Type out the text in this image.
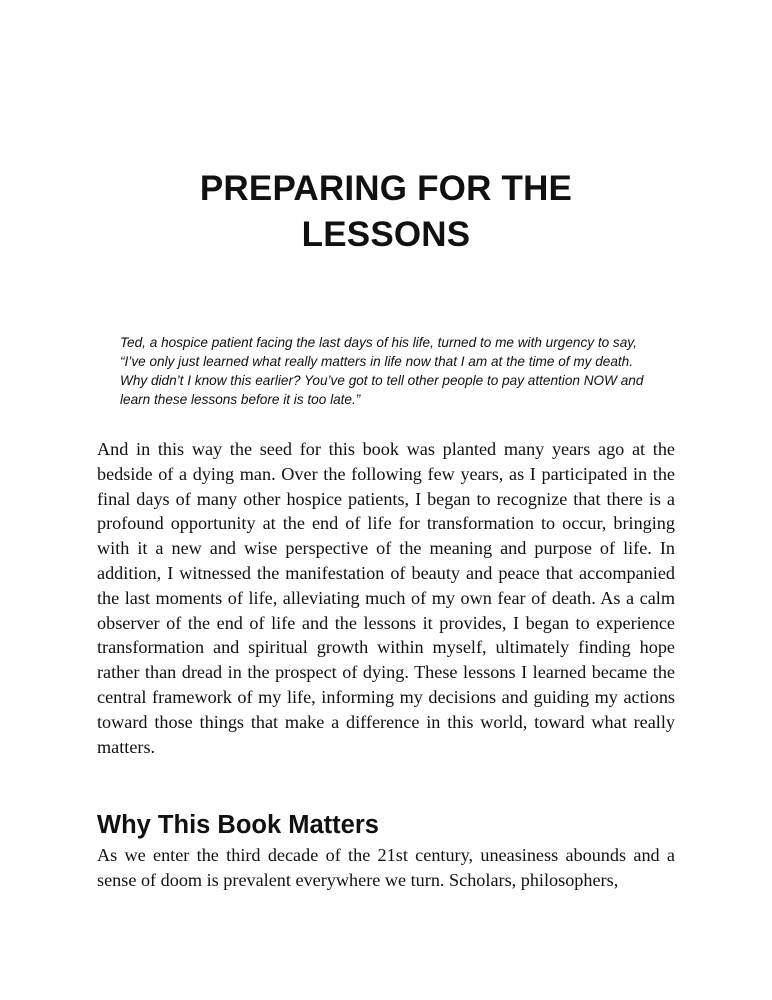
PREPARING FOR THE
LESSONS

Ted, a hospice patient facing the last days of his life, turned to me with urgency to say, “I’ve only just learned what really matters in life now that I am at the time of my death. Why didn’t I know this earlier? You’ve got to tell other people to pay attention NOW and learn these lessons before it is too late.”

And in this way the seed for this book was planted many years ago at the bedside of a dying man. Over the following few years, as I participated in the final days of many other hospice patients, I began to recognize that there is a profound opportunity at the end of life for transformation to occur, bringing with it a new and wise perspective of the meaning and purpose of life. In addition, I witnessed the manifestation of beauty and peace that accompanied the last moments of life, alleviating much of my own fear of death. As a calm observer of the end of life and the lessons it provides, I began to experience transformation and spiritual growth within myself, ultimately finding hope rather than dread in the prospect of dying. These lessons I learned became the central framework of my life, informing my decisions and guiding my actions toward those things that make a difference in this world, toward what really matters.

Why This Book Matters

As we enter the third decade of the 21st century, uneasiness abounds and a sense of doom is prevalent everywhere we turn. Scholars, philosophers,
